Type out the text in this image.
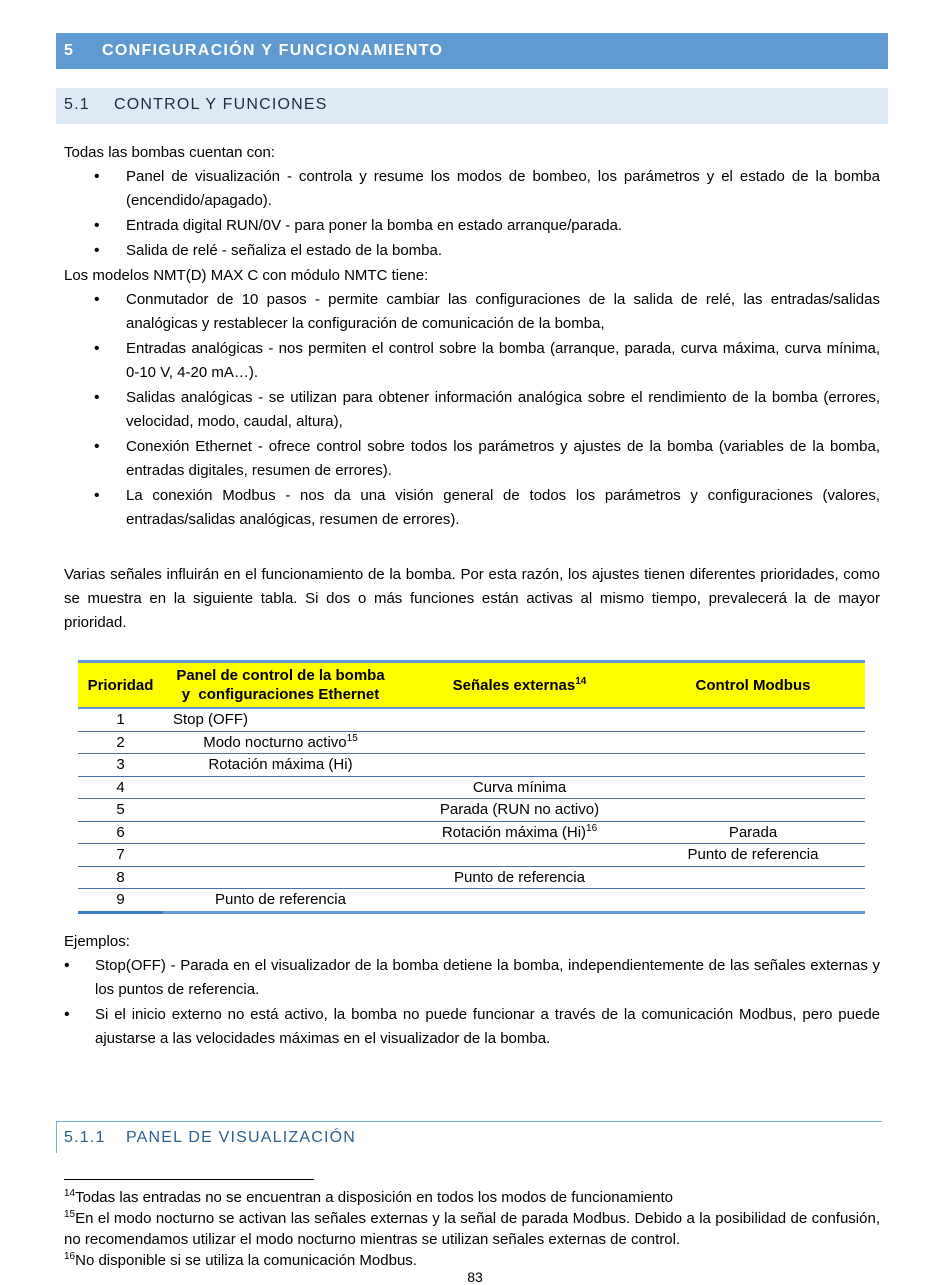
5 CONFIGURACIÓN Y FUNCIONAMIENTO
5.1 CONTROL Y FUNCIONES
Todas las bombas cuentan con:
• Panel de visualización - controla y resume los modos de bombeo, los parámetros y el estado de la bomba (encendido/apagado).
• Entrada digital RUN/0V - para poner la bomba en estado arranque/parada.
• Salida de relé - señaliza el estado de la bomba.
Los modelos NMT(D) MAX C con módulo NMTC tiene:
• Conmutador de 10 pasos - permite cambiar las configuraciones de la salida de relé, las entradas/salidas analógicas y restablecer la configuración de comunicación de la bomba,
• Entradas analógicas - nos permiten el control sobre la bomba (arranque, parada, curva máxima, curva mínima, 0-10 V, 4-20 mA…).
• Salidas analógicas - se utilizan para obtener información analógica sobre el rendimiento de la bomba (errores, velocidad, modo, caudal, altura),
• Conexión Ethernet - ofrece control sobre todos los parámetros y ajustes de la bomba (variables de la bomba, entradas digitales, resumen de errores).
• La conexión Modbus - nos da una visión general de todos los parámetros y configuraciones (valores, entradas/salidas analógicas, resumen de errores).
Varias señales influirán en el funcionamiento de la bomba. Por esta razón, los ajustes tienen diferentes prioridades, como se muestra en la siguiente tabla. Si dos o más funciones están activas al mismo tiempo, prevalecerá la de mayor prioridad.
Prioridad	Panel de control de la bomba
y  configuraciones Ethernet	Señales externas$^{14}$	Control Modbus
1	Stop (OFF)		
2	Modo nocturno activo$^{15}$		
3	Rotación máxima (Hi)		
4		Curva mínima	
5		Parada (RUN no activo)	
6		Rotación máxima $(Hi)^{16}$	Parada
7			Punto de referencia
8		Punto de referencia	
9	Punto de referencia		
Ejemplos:
• Stop(OFF) - Parada en el visualizador de la bomba detiene la bomba, independientemente de las señales externas y los puntos de referencia.
• Si el inicio externo no está activo, la bomba no puede funcionar a través de la comunicación Modbus, pero puede ajustarse a las velocidades máximas en el visualizador de la bomba.
5.1.1 PANEL DE VISUALIZACIÓN
$^{14}$Todas las entradas no se encuentran a disposición en todos los modos de funcionamiento
$^{15}$En el modo nocturno se activan las señales externas y la señal de parada Modbus. Debido a la posibilidad de confusión, no recomendamos utilizar el modo nocturno mientras se utilizan señales externas de control.
$^{16}$No disponible si se utiliza la comunicación Modbus.
83
